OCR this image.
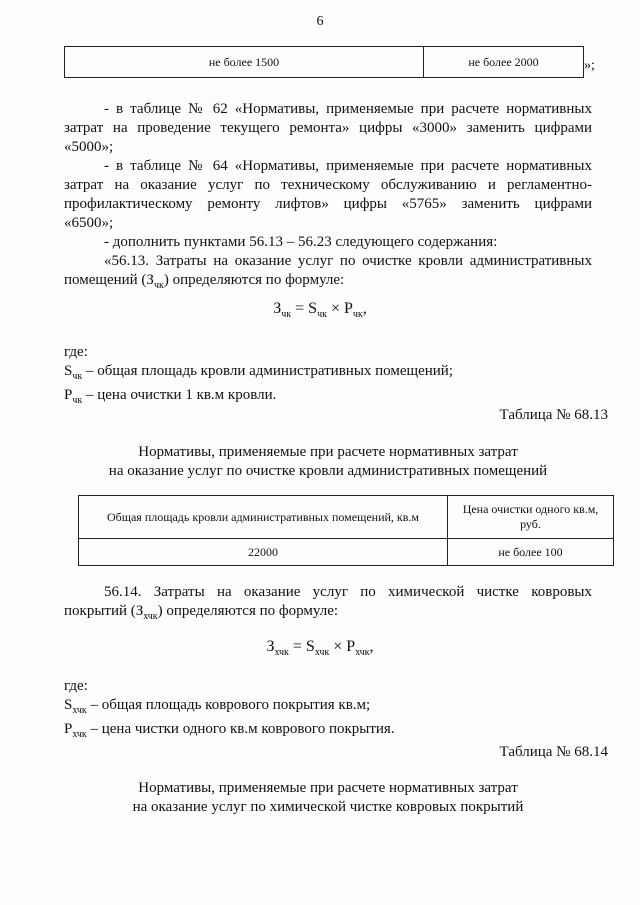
6
не более 1500	не более 2000	»;
- в таблице № 62 «Нормативы, применяемые при расчете нормативных
затрат на проведение текущего ремонта» цифры «3000» заменить цифрами
«5000»;
- в таблице № 64 «Нормативы, применяемые при расчете нормативных
затрат на оказание услуг по техническому обслуживанию и регламентно-
профилактическому ремонту лифтов» цифры «5765» заменить цифрами
«6500»;
- дополнить пунктами 56.13 – 56.23 следующего содержания:
«56.13. Затраты на оказание услуг по очистке кровли административных
помещений $(З_{чк})$ определяются по формуле:
$З_{чк} = S_{чк} \times P_{чк}$,
где:
$S_{чк}$ – общая площадь кровли административных помещений;
$P_{чк}$ – цена очистки 1 кв.м кровли.
Таблица № 68.13
Нормативы, применяемые при расчете нормативных затрат
на оказание услуг по очистке кровли административных помещений
Общая площадь кровли административных помещений, кв.м	Цена очистки одного кв.м, руб.
22000	не более 100
56.14. Затраты на оказание услуг по химической чистке ковровых
покрытий $(З_{хчк})$ определяются по формуле:
$З_{хчк} = S_{хчк} \times P_{хчк}$,
где:
$S_{хчк}$ – общая площадь коврового покрытия кв.м;
$P_{хчк}$ – цена чистки одного кв.м коврового покрытия.
Таблица № 68.14
Нормативы, применяемые при расчете нормативных затрат
на оказание услуг по химической чистке ковровых покрытий
